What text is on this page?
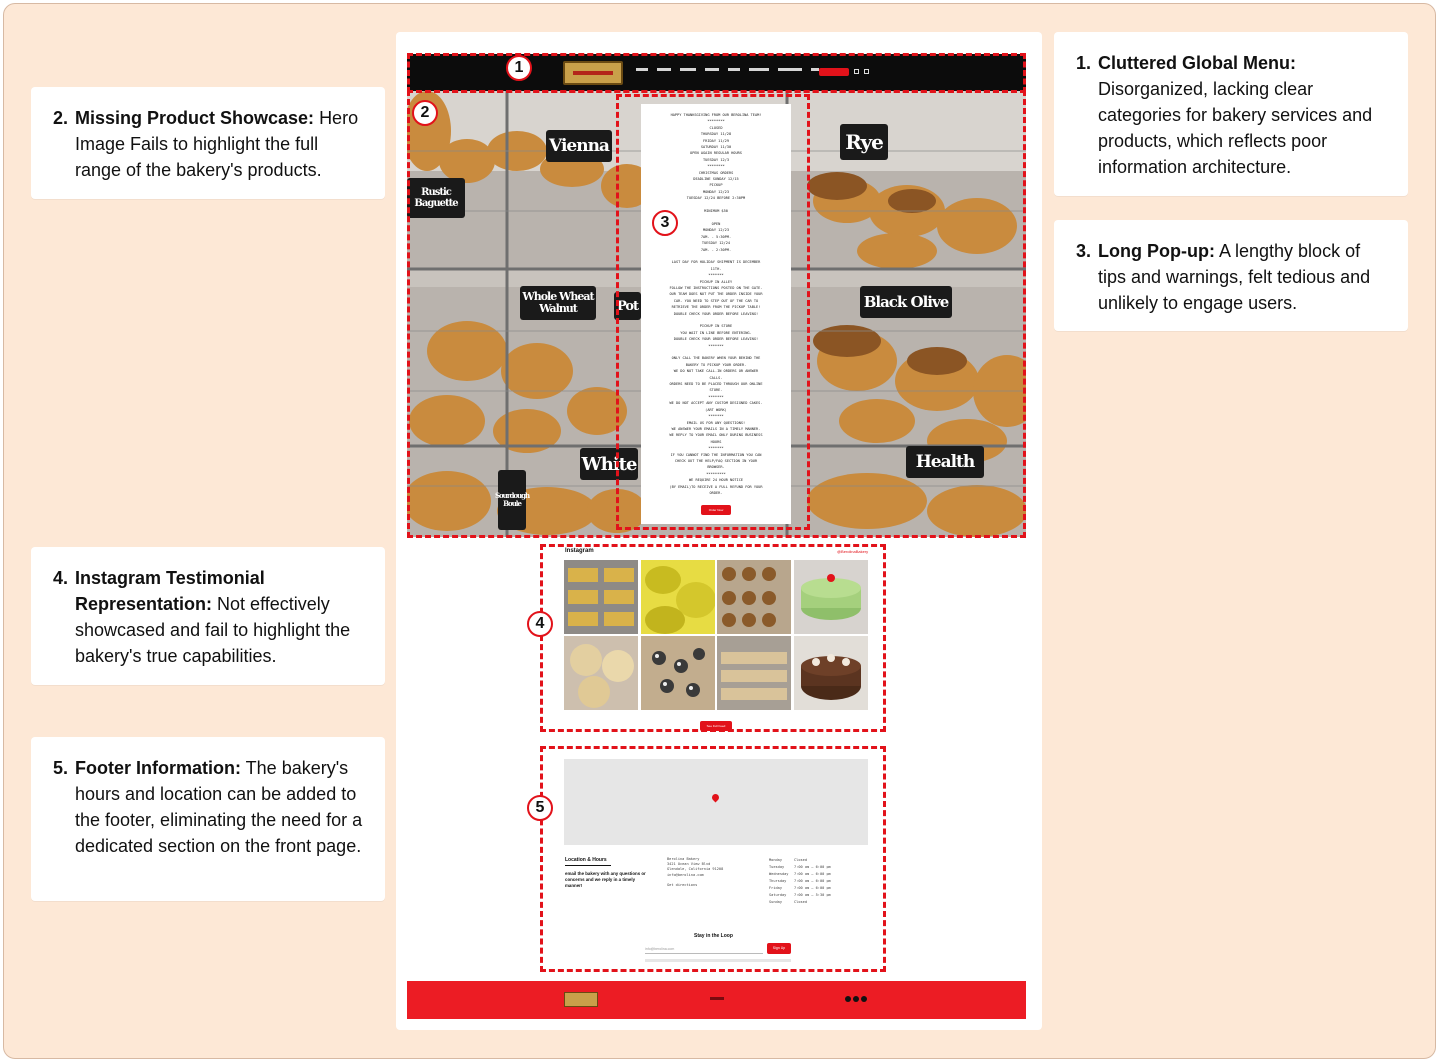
1. Cluttered Global Menu:
Disorganized, lacking clear categories for bakery services and products, which reflects poor information architecture.
2. Missing Product Showcase: Hero Image Fails to highlight the full range of the bakery's products.
3. Long Pop-up: A lengthy block of tips and warnings, felt tedious and unlikely to engage users.
4. Instagram Testimonial Representation: Not effectively showcased and fail to highlight the bakery's true capabilities.
5. Footer Information: The bakery's hours and location can be added to the footer, eliminating the need for a dedicated section on the front page.
Vienna	Rye
Rustic Baguette
Whole Wheat Walnut	Pot	Black Olive
White	Health
Sourdough Boule
HAPPY THANKSGIVING FROM OUR BEROLINA TEAM!
********
CLOSED
THURSDAY 11/28
FRIDAY 11/29
SATURDAY 11/30
OPEN AGAIN REGULAR HOURS
TUESDAY 12/3
********
CHRISTMAS ORDERS
DEADLINE SUNDAY 12/15
PICKUP
MONDAY 12/23
TUESDAY 12/24 BEFORE 2:30PM

MINIMUM $50

OPEN
MONDAY 12/23
7AM. - 5:30PM.
TUESDAY 12/24
7AM. - 2:30PM.

LAST DAY FOR HOLIDAY SHIPMENT IS DECEMBER
11TH.
*******
PICKUP IN ALLEY
FOLLOW THE INSTRUCTIONS POSTED ON THE GATE.
OUR TEAM DOES NOT PUT THE ORDER INSIDE YOUR
CAR. YOU NEED TO STEP OUT OF THE CAR TO
RETRIEVE THE ORDER FROM THE PICKUP TABLE!
DOUBLE CHECK YOUR ORDER BEFORE LEAVING!

PICKUP IN STORE
YOU WAIT IN LINE BEFORE ENTERING.
DOUBLE CHECK YOUR ORDER BEFORE LEAVING!
*******

ONLY CALL THE BAKERY WHEN YOUR BEHIND THE
BAKERY TO PICKUP YOUR ORDER.
WE DO NOT TAKE CALL-IN ORDERS OR ANSWER
CALLS.
ORDERS NEED TO BE PLACED THROUGH OUR ONLINE
STORE.
*******
WE DO NOT ACCEPT ANY CUSTOM DESIGNED CAKES.
(ART WORK)
*******
EMAIL US FOR ANY QUESTIONS!
WE ANSWER YOUR EMAILS IN A TIMELY MANNER.
WE REPLY TO YOUR EMAIL ONLY DURING BUSINESS
HOURS
*******
IF YOU CANNOT FIND THE INFORMATION YOU CAN
CHECK OUT THE HELP/FAQ SECTION IN YOUR
BROWSER.
*********
WE REQUIRE 24 HOUR NOTICE
(BY EMAIL)TO RECEIVE A FULL REFUND FOR YOUR
ORDER.
Order Now
Instagram	@BerolinaBakery
See Full Feed
Location & Hours
email the bakery with any questions or concerns and we reply in a timely manner!
Berolina Bakery
3421 Ocean View Blvd
Glendale, California 91208
info@berolina.com

Get directions
Monday	Closed
Tuesday	7:00 am – 6:00 pm
Wednesday	7:00 am – 6:00 pm
Thursday	7:00 am – 6:00 pm
Friday	7:00 am – 6:00 pm
Saturday	7:00 am – 5:30 pm
Sunday	Closed
Stay in the Loop
info@berolina.com	Sign Up
1
2
3
4
5
